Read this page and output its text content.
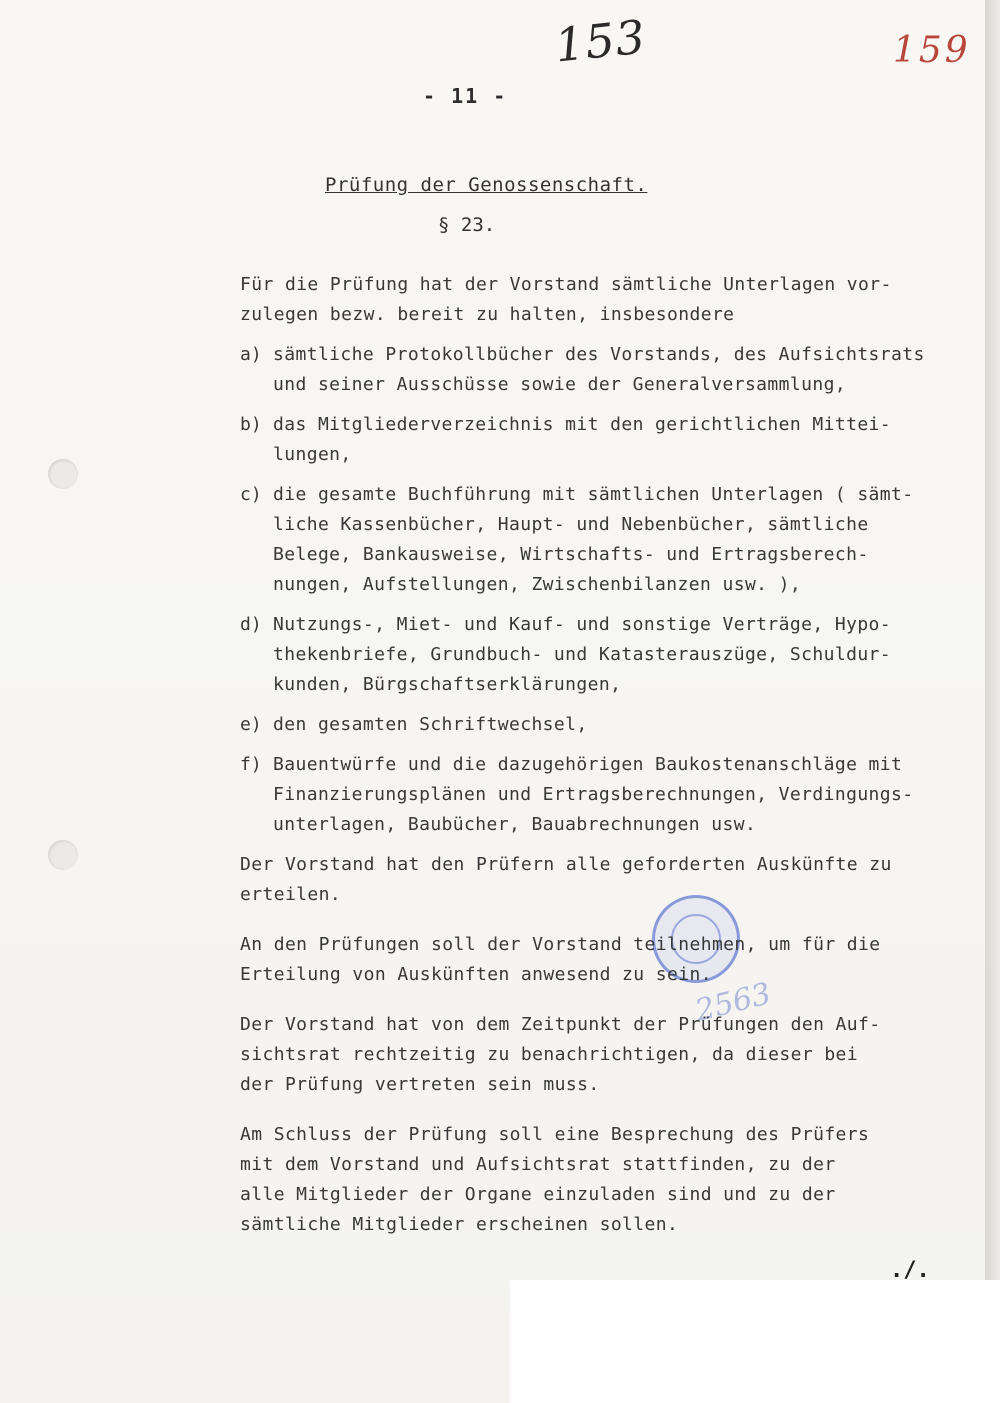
153	159
- 11 -
Prüfung der Genossenschaft.
§ 23.
Für die Prüfung hat der Vorstand sämtliche Unterlagen vor-
zulegen bezw. bereit zu halten, insbesondere
a) sämtliche Protokollbücher des Vorstands, des Aufsichtsrats
und seiner Ausschüsse sowie der Generalversammlung,
b) das Mitgliederverzeichnis mit den gerichtlichen Mittei-
lungen,
c) die gesamte Buchführung mit sämtlichen Unterlagen ( sämt-
liche Kassenbücher, Haupt- und Nebenbücher, sämtliche
Belege, Bankausweise, Wirtschafts- und Ertragsberech-
nungen, Aufstellungen, Zwischenbilanzen usw. ),
d) Nutzungs-, Miet- und Kauf- und sonstige Verträge, Hypo-
thekenbriefe, Grundbuch- und Katasterauszüge, Schuldur-
kunden, Bürgschaftserklärungen,
e) den gesamten Schriftwechsel,
f) Bauentwürfe und die dazugehörigen Baukostenanschläge mit
Finanzierungsplänen und Ertragsberechnungen, Verdingungs-
unterlagen, Baubücher, Bauabrechnungen usw.
Der Vorstand hat den Prüfern alle geforderten Auskünfte zu
erteilen.
2563
An den Prüfungen soll der Vorstand teilnehmen, um für die
Erteilung von Auskünften anwesend zu sein.
Der Vorstand hat von dem Zeitpunkt der Prüfungen den Auf-
sichtsrat rechtzeitig zu benachrichtigen, da dieser bei
der Prüfung vertreten sein muss.
Am Schluss der Prüfung soll eine Besprechung des Prüfers
mit dem Vorstand und Aufsichtsrat stattfinden, zu der
alle Mitglieder der Organe einzuladen sind und zu der
sämtliche Mitglieder erscheinen sollen.
./.
